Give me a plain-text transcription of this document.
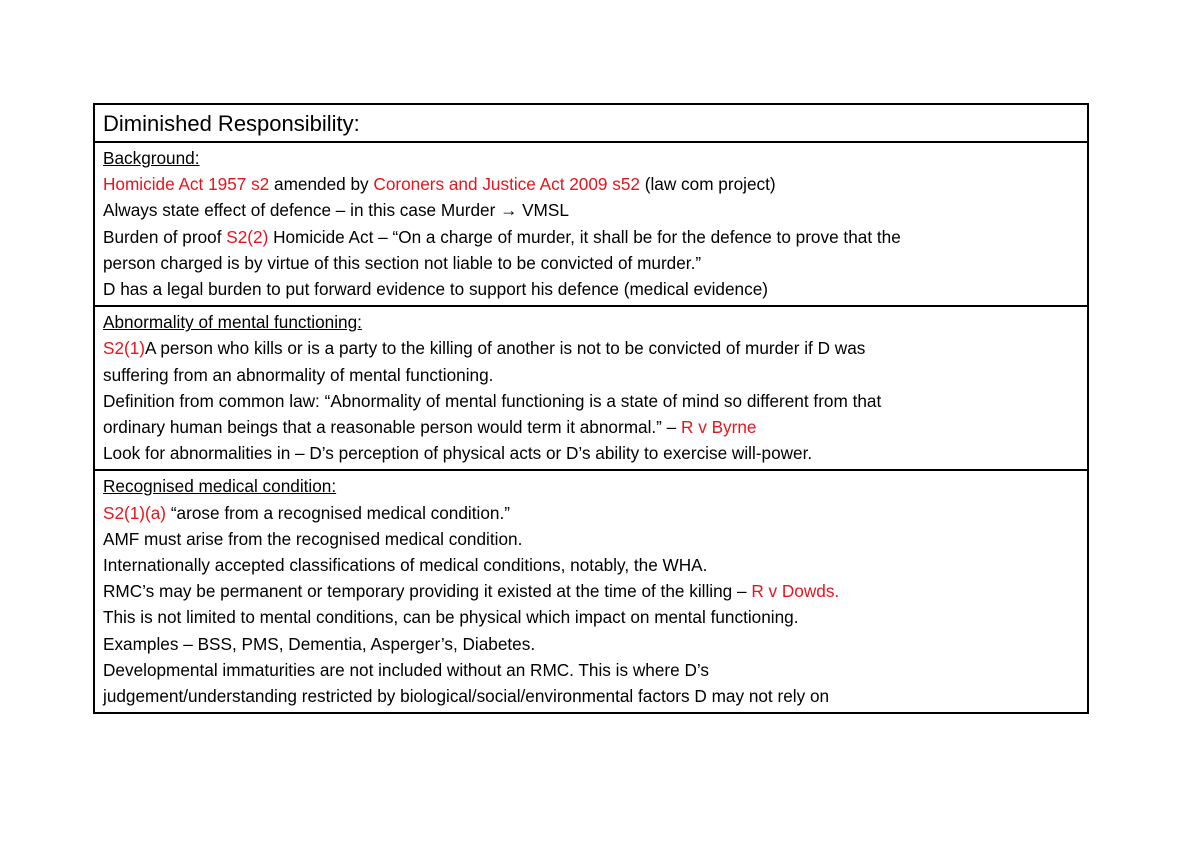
Diminished Responsibility:

Background:
Homicide Act 1957 s2 amended by Coroners and Justice Act 2009 s52 (law com project)
Always state effect of defence – in this case Murder → VMSL
Burden of proof S2(2) Homicide Act – “On a charge of murder, it shall be for the defence to prove that the
person charged is by virtue of this section not liable to be convicted of murder.”
D has a legal burden to put forward evidence to support his defence (medical evidence)

Abnormality of mental functioning:
S2(1)A person who kills or is a party to the killing of another is not to be convicted of murder if D was
suffering from an abnormality of mental functioning.
Definition from common law: “Abnormality of mental functioning is a state of mind so different from that
ordinary human beings that a reasonable person would term it abnormal.” – R v Byrne
Look for abnormalities in – D’s perception of physical acts or D’s ability to exercise will-power.

Recognised medical condition:
S2(1)(a) “arose from a recognised medical condition.”
AMF must arise from the recognised medical condition.
Internationally accepted classifications of medical conditions, notably, the WHA.
RMC’s may be permanent or temporary providing it existed at the time of the killing – R v Dowds.
This is not limited to mental conditions, can be physical which impact on mental functioning.
Examples – BSS, PMS, Dementia, Asperger’s, Diabetes.
Developmental immaturities are not included without an RMC. This is where D’s
judgement/understanding restricted by biological/social/environmental factors D may not rely on
